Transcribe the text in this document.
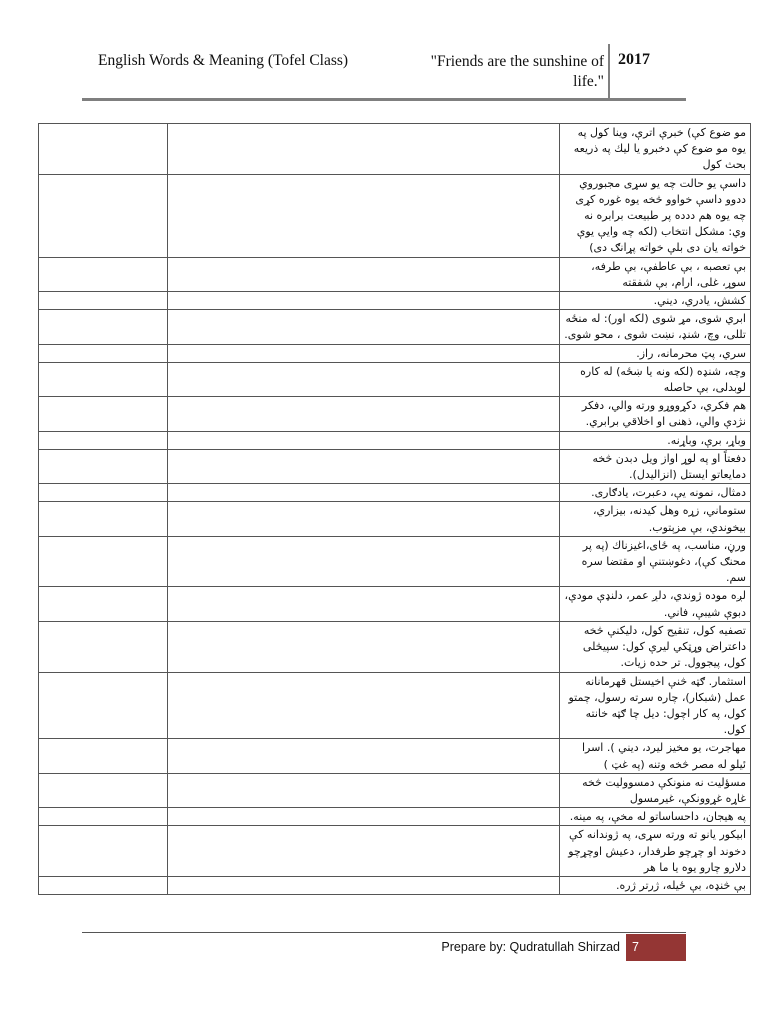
English Words & Meaning (Tofel Class)	"Friends are the sunshine of life."
2017
		مو ضوع کې) خبرې اترې، وینا کول په یوه مو ضوع کې دخبرو یا لیك په ذریعه بحث کول
		داسې یو حالت چه یو سړی مجبوروي ددوو داسې خواوو څخه یوه غوره کړی چه یوه هم ددده پر طبیعت برابره نه وي: مشکل انتخاب (لکه چه وایې یوې خواته یان دی بلې خواته پړانګ دی)
		بې تعصبه ، بې عاطفې، بې طرفه، سوړ، غلی، ارام، بې شفقته
		کشش، یادري، دیني.
		ابري شوی، مړ شوی (لکه اور): له منځه تللی، وچ، شنډ، نښت شوی ، محو شوی.
		سري، پټ محرمانه، راز.
		وچه، شنډه (لکه ونه یا ښځه) له کاره لوبدلی، بې حاصله
		هم فکري، دکړووړو ورته والي، دفکر نژدې والي، ذهنی او اخلاقي برابري.
		وباړ، برې، وباړنه.
		دفعتاً او په لوړ اواز ویل دبدن څخه دمایعاتو ایستل (انزالیدل).
		دمثال، نمونه یې، دعبرت، یادګاری.
		ستوماني، زړه وهل کیدنه، بیزاري، بیخوندي، بې مزېتوب.
		ورڼ، مناسب، په ځای،اغیزناك (په پر محنګ کې)، دغوښتنې او مقتضا سره سم.
		لږه موده ژوندي، دلږ عمر، دلنډې مودې، دبوې شيبې، فاني.
		تصفیه کول، تنقیح کول، دلیکنې څخه داعتراض وړټکي لیرې کول: سپیڅلی کول، پیجوول. تر حده زیات.
		استثمار. ګټه څنې اخیستل قهرمانانه عمل (شبکار)، چاره سرته رسول، چمتو کول، په کار اچول: دیل چا ګټه خانته کول.
		مهاجرت، یو مخیز لیرد، دیني ). اسرا ئیلو له مصر څخه وتنه (په غټ )
		مسؤلیت نه منونکې دمسوولیت څخه غاړه غړوونکې، غیرمسول
		په هیجان، داحساساتو له مخې، په مینه.
		ابیکور یانو ته ورته سړی، په ژوندانه کې دخوند او چړچو طرفدار، دعیش اوچړچو دلارو چارو یوه یا ما هر
		بې څنډه، بې ځیله، ژرتر ژره.
Prepare by: Qudratullah Shirzad 7
